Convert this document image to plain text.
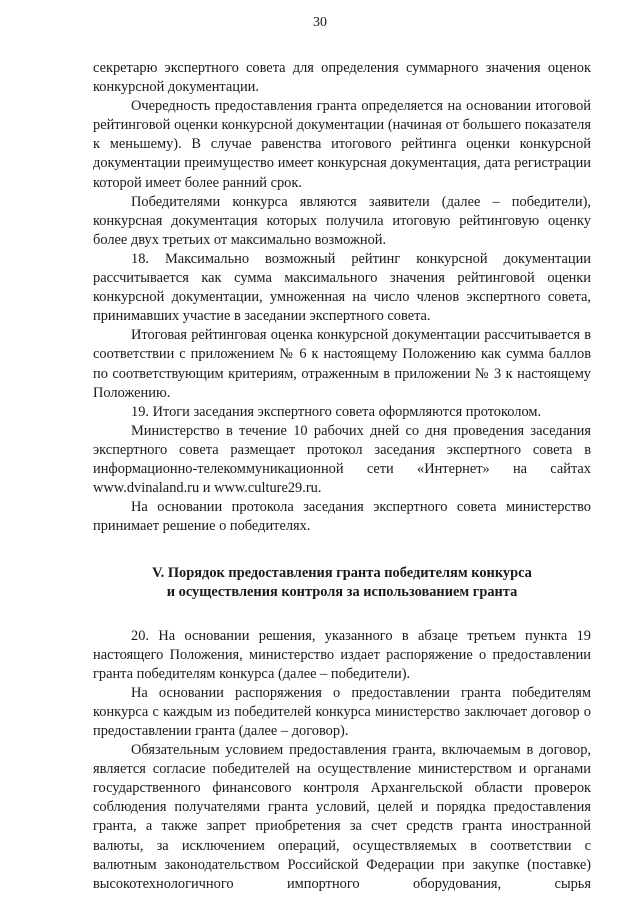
30

секретарю экспертного совета для определения суммарного значения оценок конкурсной документации.

Очередность предоставления гранта определяется на основании итоговой рейтинговой оценки конкурсной документации (начиная от большего показателя к меньшему). В случае равенства итогового рейтинга оценки конкурсной документации преимущество имеет конкурсная документация, дата регистрации которой имеет более ранний срок.

Победителями конкурса являются заявители (далее – победители), конкурсная документация которых получила итоговую рейтинговую оценку более двух третьих от максимально возможной.

18. Максимально возможный рейтинг конкурсной документации рассчитывается как сумма максимального значения рейтинговой оценки конкурсной документации, умноженная на число членов экспертного совета, принимавших участие в заседании экспертного совета.

Итоговая рейтинговая оценка конкурсной документации рассчитывается в соответствии с приложением № 6 к настоящему Положению как сумма баллов по соответствующим критериям, отраженным в приложении № 3 к настоящему Положению.

19. Итоги заседания экспертного совета оформляются протоколом.

Министерство в течение 10 рабочих дней со дня проведения заседания экспертного совета размещает протокол заседания экспертного совета в информационно-телекоммуникационной сети «Интернет» на сайтах www.dvinaland.ru и www.culture29.ru.

На основании протокола заседания экспертного совета министерство принимает решение о победителях.

V. Порядок предоставления гранта победителям конкурса
и осуществления контроля за использованием гранта

20. На основании решения, указанного в абзаце третьем пункта 19 настоящего Положения, министерство издает распоряжение о предоставлении гранта победителям конкурса (далее – победители).

На основании распоряжения о предоставлении гранта победителям конкурса с каждым из победителей конкурса министерство заключает договор о предоставлении гранта (далее – договор).

Обязательным условием предоставления гранта, включаемым в договор, является согласие победителей на осуществление министерством и органами государственного финансового контроля Архангельской области проверок соблюдения получателями гранта условий, целей и порядка предоставления гранта, а также запрет приобретения за счет средств гранта иностранной валюты, за исключением операций, осуществляемых в соответствии с валютным законодательством Российской Федерации при закупке (поставке) высокотехнологичного импортного оборудования, сырья
